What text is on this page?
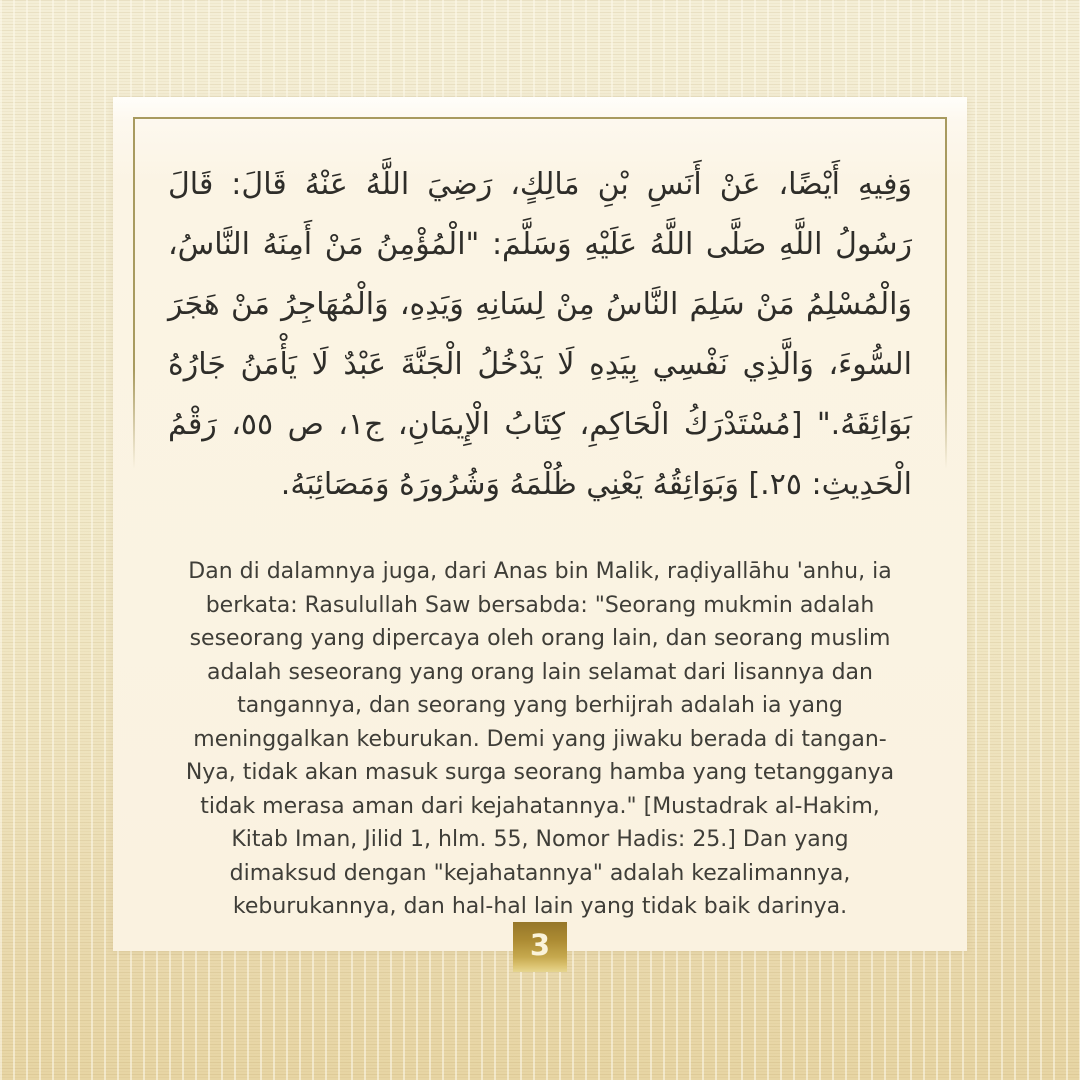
وَفِيهِ أَيْضًا، عَنْ أَنَسِ بْنِ مَالِكٍ، رَضِيَ اللَّهُ عَنْهُ قَالَ: قَالَ رَسُولُ اللَّهِ صَلَّى اللَّهُ عَلَيْهِ وَسَلَّمَ: "الْمُؤْمِنُ مَنْ أَمِنَهُ النَّاسُ، وَالْمُسْلِمُ مَنْ سَلِمَ النَّاسُ مِنْ لِسَانِهِ وَيَدِهِ، وَالْمُهَاجِرُ مَنْ هَجَرَ السُّوءَ، وَالَّذِي نَفْسِي بِيَدِهِ لَا يَدْخُلُ الْجَنَّةَ عَبْدٌ لَا يَأْمَنُ جَارُهُ بَوَائِقَهُ." [مُسْتَدْرَكُ الْحَاكِمِ، كِتَابُ الْإِيمَانِ، ج١، ص ٥٥، رَقْمُ الْحَدِيثِ: ٢٥.] وَبَوَائِقُهُ يَعْنِي ظُلْمَهُ وَشُرُورَهُ وَمَصَائِبَهُ.

Dan di dalamnya juga, dari Anas bin Malik, raḍiyallāhu 'anhu, ia berkata: Rasulullah Saw bersabda: "Seorang mukmin adalah seseorang yang dipercaya oleh orang lain, dan seorang muslim adalah seseorang yang orang lain selamat dari lisannya dan tangannya, dan seorang yang berhijrah adalah ia yang meninggalkan keburukan. Demi yang jiwaku berada di tangan-Nya, tidak akan masuk surga seorang hamba yang tetangganya tidak merasa aman dari kejahatannya." [Mustadrak al-Hakim, Kitab Iman, Jilid 1, hlm. 55, Nomor Hadis: 25.] Dan yang dimaksud dengan "kejahatannya" adalah kezalimannya, keburukannya, dan hal-hal lain yang tidak baik darinya.

3
